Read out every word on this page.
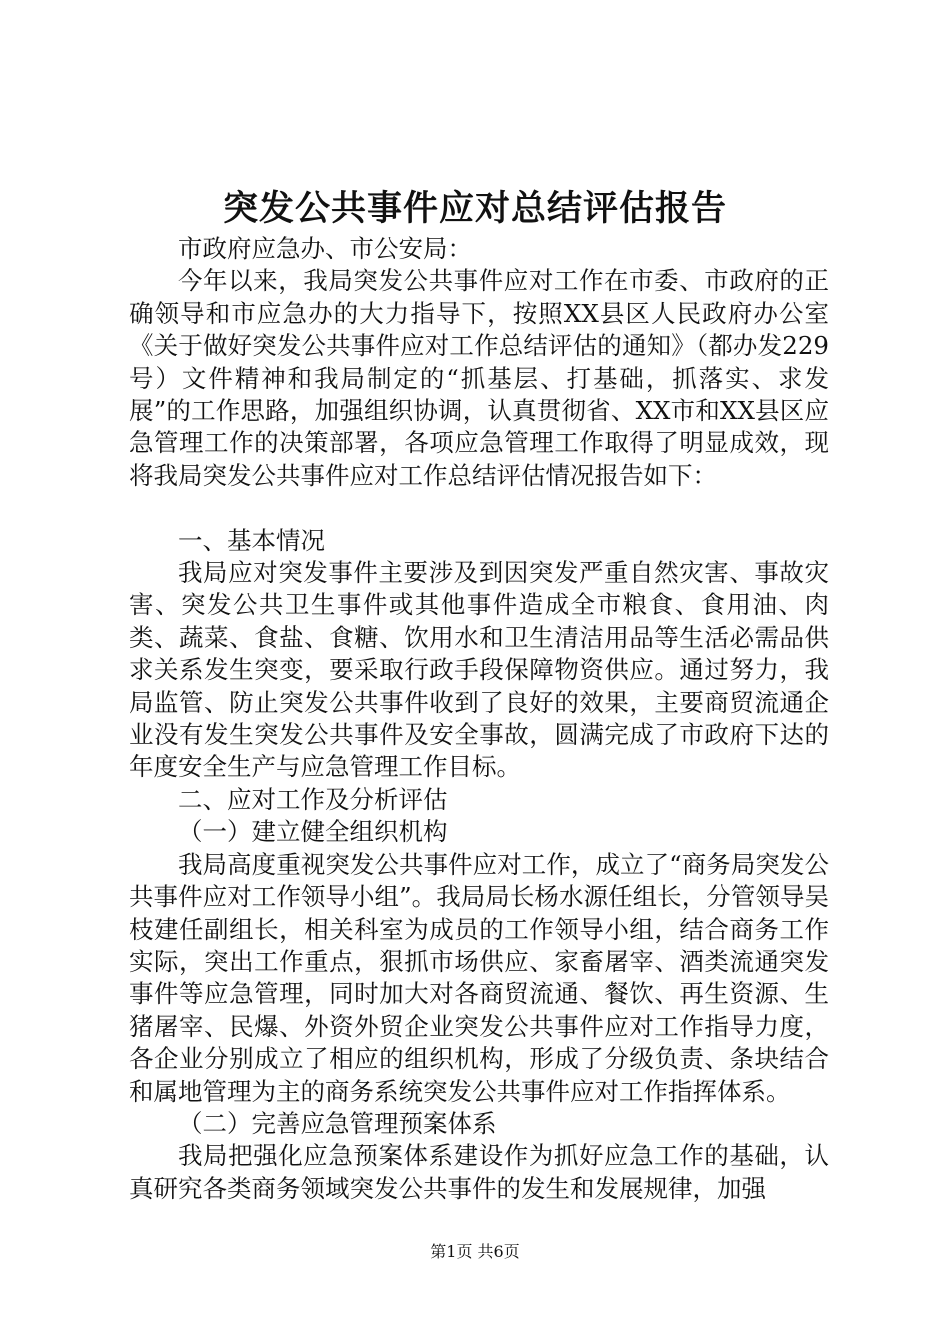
突发公共事件应对总结评估报告

市政府应急办、市公安局：

今年以来，我局突发公共事件应对工作在市委、市政府的正确领导和市应急办的大力指导下，按照XX县区人民政府办公室《关于做好突发公共事件应对工作总结评估的通知》（都办发229号）文件精神和我局制定的“抓基层、打基础，抓落实、求发展”的工作思路，加强组织协调，认真贯彻省、XX市和XX县区应急管理工作的决策部署，各项应急管理工作取得了明显成效，现将我局突发公共事件应对工作总结评估情况报告如下：

一、基本情况

我局应对突发事件主要涉及到因突发严重自然灾害、事故灾害、突发公共卫生事件或其他事件造成全市粮食、食用油、肉类、蔬菜、食盐、食糖、饮用水和卫生清洁用品等生活必需品供求关系发生突变，要采取行政手段保障物资供应。通过努力，我局监管、防止突发公共事件收到了良好的效果，主要商贸流通企业没有发生突发公共事件及安全事故，圆满完成了市政府下达的年度安全生产与应急管理工作目标。

二、应对工作及分析评估

（一）建立健全组织机构

我局高度重视突发公共事件应对工作，成立了“商务局突发公共事件应对工作领导小组”。我局局长杨水源任组长，分管领导吴枝建任副组长，相关科室为成员的工作领导小组，结合商务工作实际，突出工作重点，狠抓市场供应、家畜屠宰、酒类流通突发事件等应急管理，同时加大对各商贸流通、餐饮、再生资源、生猪屠宰、民爆、外资外贸企业突发公共事件应对工作指导力度，各企业分别成立了相应的组织机构，形成了分级负责、条块结合和属地管理为主的商务系统突发公共事件应对工作指挥体系。

（二）完善应急管理预案体系

我局把强化应急预案体系建设作为抓好应急工作的基础，认真研究各类商务领域突发公共事件的发生和发展规律，加强

第1页 共6页
